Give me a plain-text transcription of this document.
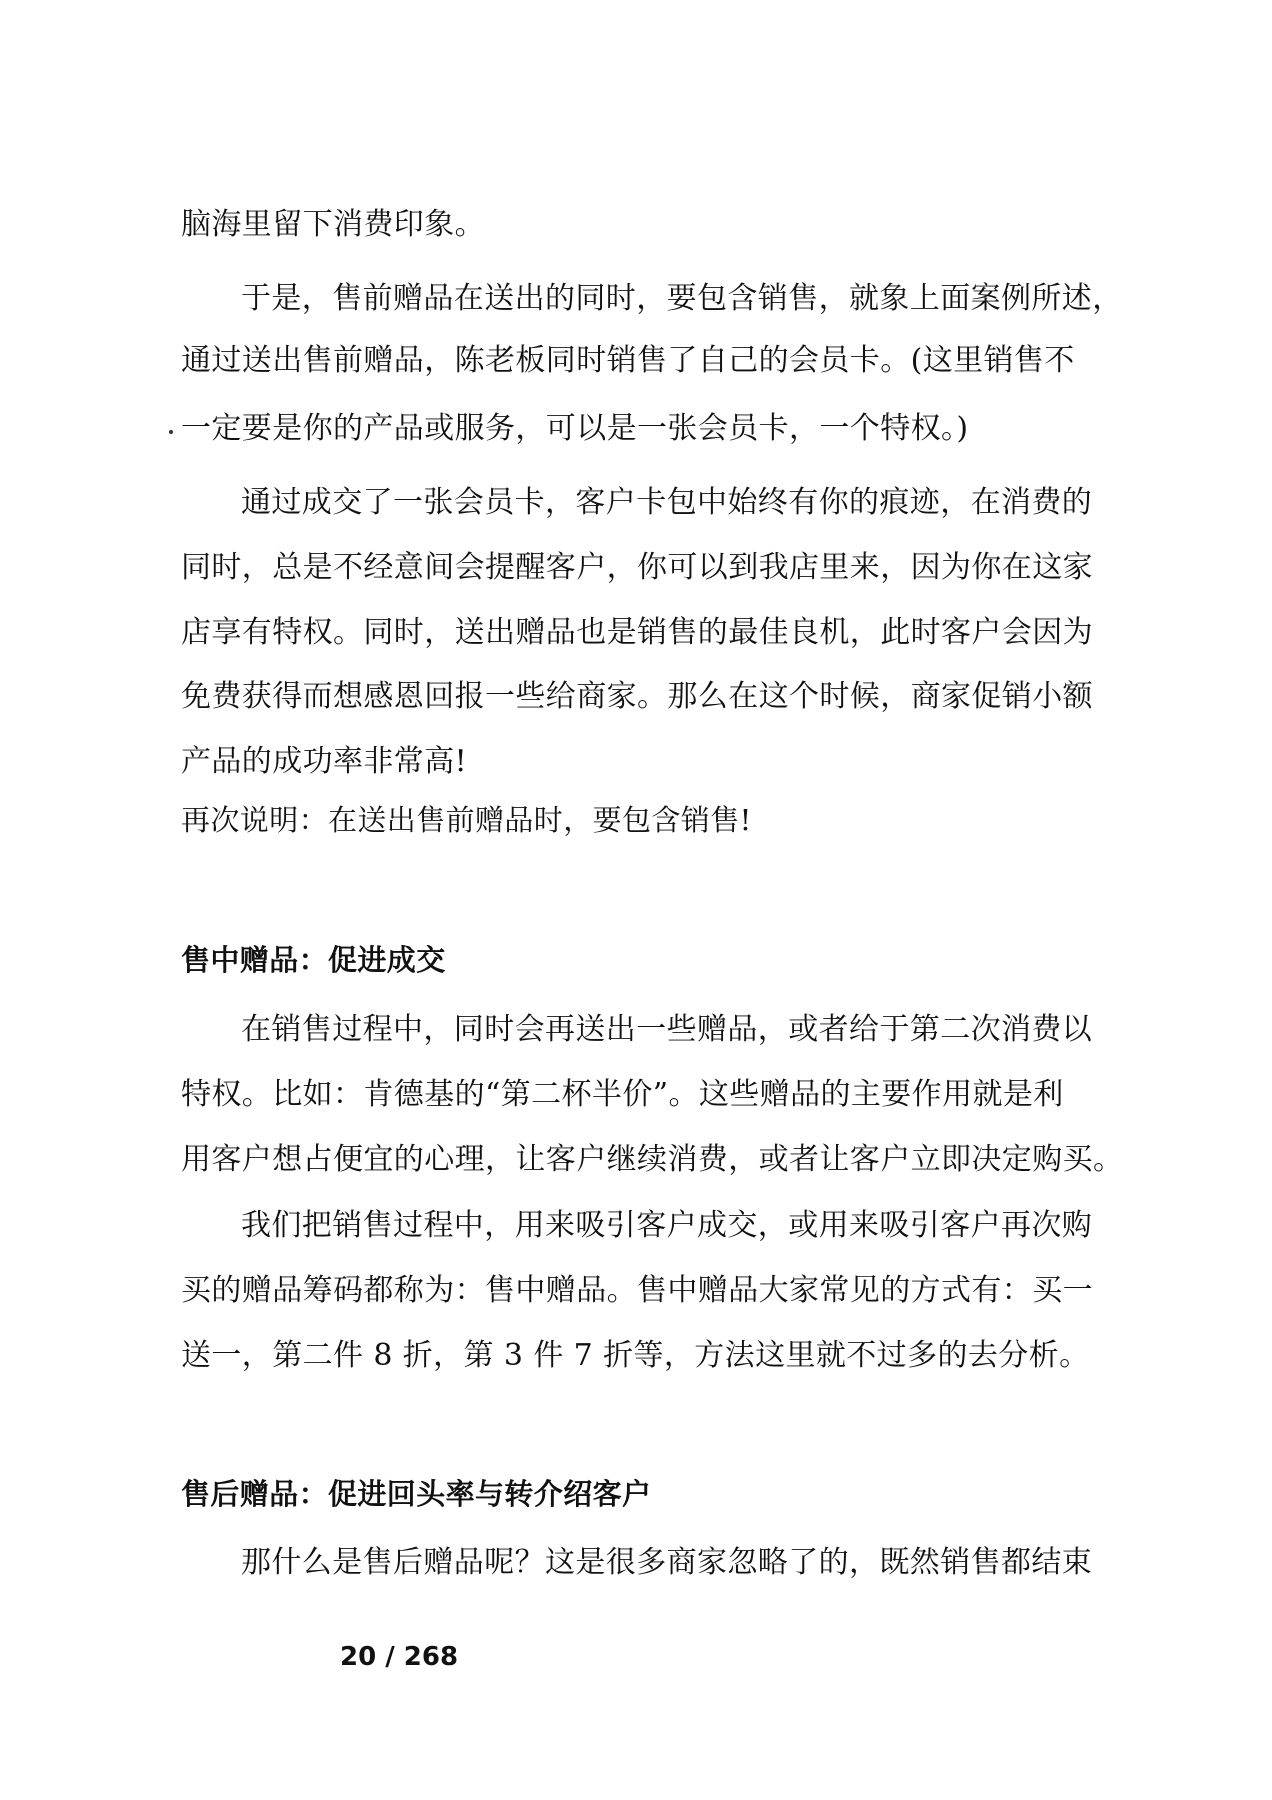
脑海里留下消费印象。
于是，售前赠品在送出的同时，要包含销售，就象上面案例所述，
通过送出售前赠品，陈老板同时销售了自己的会员卡。(这里销售不
一定要是你的产品或服务，可以是一张会员卡，一个特权。)
通过成交了一张会员卡，客户卡包中始终有你的痕迹，在消费的
同时，总是不经意间会提醒客户，你可以到我店里来，因为你在这家
店享有特权。同时，送出赠品也是销售的最佳良机，此时客户会因为
免费获得而想感恩回报一些给商家。那么在这个时候，商家促销小额
产品的成功率非常高!
再次说明：在送出售前赠品时，要包含销售!
售中赠品：促进成交
在销售过程中，同时会再送出一些赠品，或者给于第二次消费以
特权。比如：肯德基的“第二杯半价”。这些赠品的主要作用就是利
用客户想占便宜的心理，让客户继续消费，或者让客户立即决定购买。
我们把销售过程中，用来吸引客户成交，或用来吸引客户再次购
买的赠品筹码都称为：售中赠品。售中赠品大家常见的方式有：买一
送一，第二件 8 折，第 3 件 7 折等，方法这里就不过多的去分析。
售后赠品：促进回头率与转介绍客户
那什么是售后赠品呢？这是很多商家忽略了的，既然销售都结束
20 / 268
